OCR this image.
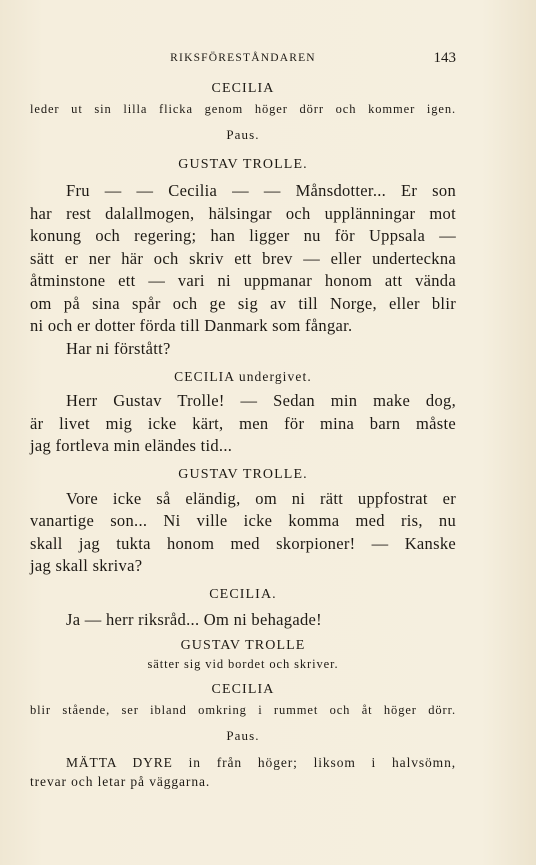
RIKSFÖRESTÅNDAREN	143

CECILIA

leder ut sin lilla flicka genom höger dörr och kommer igen.

Paus.

GUSTAV TROLLE.

Fru — — Cecilia — — Månsdotter... Er son
har rest dalallmogen, hälsingar och upplänningar mot
konung och regering; han ligger nu för Uppsala —
sätt er ner här och skriv ett brev — eller underteckna
åtminstone ett — vari ni uppmanar honom att vända
om på sina spår och ge sig av till Norge, eller blir
ni och er dotter förda till Danmark som fångar.
Har ni förstått?

CECILIA undergivet.

Herr Gustav Trolle! — Sedan min make dog,
är livet mig icke kärt, men för mina barn måste
jag fortleva min eländes tid...

GUSTAV TROLLE.

Vore icke så eländig, om ni rätt uppfostrat er
vanartige son... Ni ville icke komma med ris, nu
skall jag tukta honom med skorpioner! — Kanske
jag skall skriva?

CECILIA.

Ja — herr riksråd... Om ni behagade!

GUSTAV TROLLE

sätter sig vid bordet och skriver.

CECILIA

blir stående, ser ibland omkring i rummet och åt höger dörr.

Paus.

MÄTTA DYRE in från höger; liksom i halvsömn,
trevar och letar på väggarna.
